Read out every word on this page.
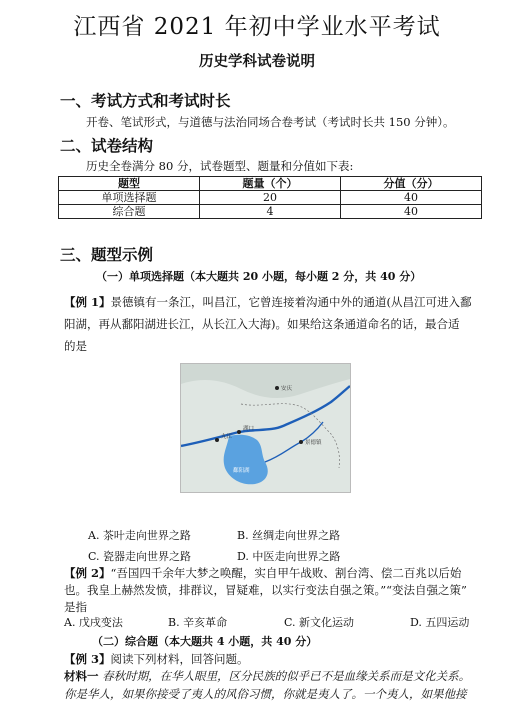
江西省 2021 年初中学业水平考试
历史学科试卷说明
一、考试方式和考试时长
开卷、笔试形式，与道德与法治同场合卷考试（考试时长共 150 分钟）。
二、试卷结构
历史全卷满分 80 分，试卷题型、题量和分值如下表:
题型	题量（个）	分值（分）
单项选择题	20	40
综合题	4	40
三、题型示例
（一）单项选择题（本大题共 20 小题，每小题 2 分，共 40 分）
【例 1】景德镇有一条江，叫昌江，它曾连接着沟通中外的通道(从昌江可进入鄱
阳湖，再从鄱阳湖进长江，从长江入大海)。如果给这条通道命名的话，最合适
的是
九江
湖口
鄱阳湖
景德镇
安庆
A. 茶叶走向世界之路	B. 丝绸走向世界之路
C. 瓷器走向世界之路	D. 中医走向世界之路
【例 2】“吾国四千余年大梦之唤醒，实自甲午战败、割台湾、偿二百兆以后始
也。我皇上赫然发愤，排群议，冒疑难，以实行变法自强之策。”“变法自强之策”
是指
A. 戊戌变法	B. 辛亥革命	C. 新文化运动	D. 五四运动
（二）综合题（本大题共 4 小题，共 40 分）
【例 3】阅读下列材料，回答问题。
材料一 春秋时期，在华人眼里，区分民族的似乎已不是血缘关系而是文化关系。
你是华人，如果你接受了夷人的风俗习惯，你就是夷人了。一个夷人，如果他接
